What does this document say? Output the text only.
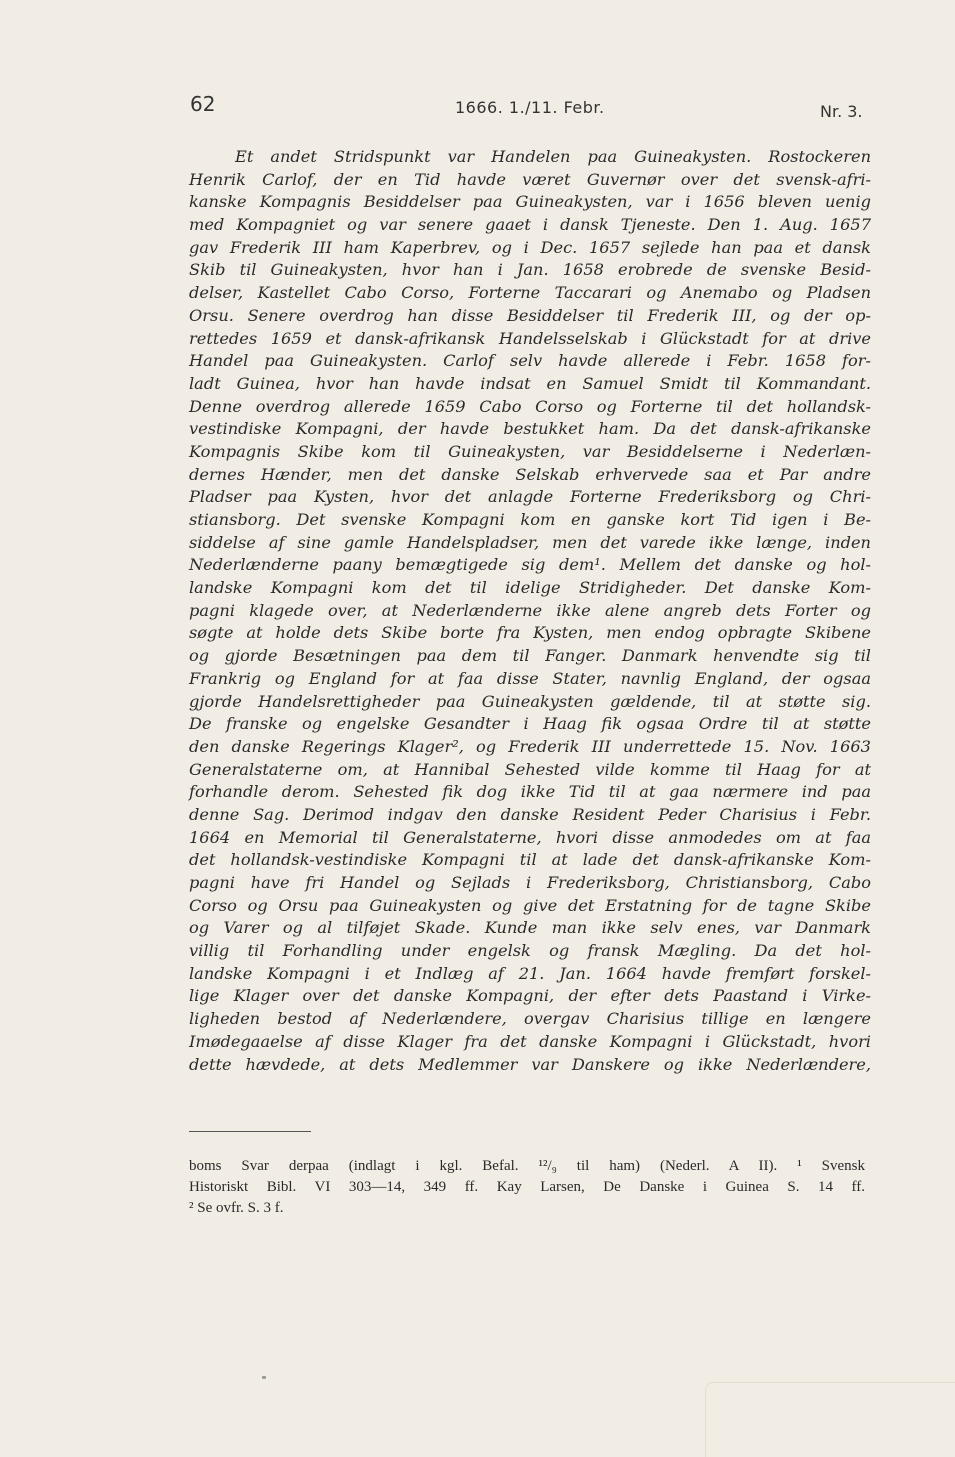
62	1666. 1./11. Febr.	Nr. 3.
Et andet Stridspunkt var Handelen paa Guineakysten. Rostockeren
Henrik Carlof, der en Tid havde været Guvernør over det svensk-afri-
kanske Kompagnis Besiddelser paa Guineakysten, var i 1656 bleven uenig
med Kompagniet og var senere gaaet i dansk Tjeneste. Den 1. Aug. 1657
gav Frederik III ham Kaperbrev, og i Dec. 1657 sejlede han paa et dansk
Skib til Guineakysten, hvor han i Jan. 1658 erobrede de svenske Besid-
delser, Kastellet Cabo Corso, Forterne Taccarari og Anemabo og Pladsen
Orsu. Senere overdrog han disse Besiddelser til Frederik III, og der op-
rettedes 1659 et dansk-afrikansk Handelsselskab i Glückstadt for at drive
Handel paa Guineakysten. Carlof selv havde allerede i Febr. 1658 for-
ladt Guinea, hvor han havde indsat en Samuel Smidt til Kommandant.
Denne overdrog allerede 1659 Cabo Corso og Forterne til det hollandsk-
vestindiske Kompagni, der havde bestukket ham. Da det dansk-afrikanske
Kompagnis Skibe kom til Guineakysten, var Besiddelserne i Nederlæn-
dernes Hænder, men det danske Selskab erhvervede saa et Par andre
Pladser paa Kysten, hvor det anlagde Forterne Frederiksborg og Chri-
stiansborg. Det svenske Kompagni kom en ganske kort Tid igen i Be-
siddelse af sine gamle Handelspladser, men det varede ikke længe, inden
Nederlænderne paany bemægtigede sig dem¹. Mellem det danske og hol-
landske Kompagni kom det til idelige Stridigheder. Det danske Kom-
pagni klagede over, at Nederlænderne ikke alene angreb dets Forter og
søgte at holde dets Skibe borte fra Kysten, men endog opbragte Skibene
og gjorde Besætningen paa dem til Fanger. Danmark henvendte sig til
Frankrig og England for at faa disse Stater, navnlig England, der ogsaa
gjorde Handelsrettigheder paa Guineakysten gældende, til at støtte sig.
De franske og engelske Gesandter i Haag fik ogsaa Ordre til at støtte
den danske Regerings Klager², og Frederik III underrettede 15. Nov. 1663
Generalstaterne om, at Hannibal Sehested vilde komme til Haag for at
forhandle derom. Sehested fik dog ikke Tid til at gaa nærmere ind paa
denne Sag. Derimod indgav den danske Resident Peder Charisius i Febr.
1664 en Memorial til Generalstaterne, hvori disse anmodedes om at faa
det hollandsk-vestindiske Kompagni til at lade det dansk-afrikanske Kom-
pagni have fri Handel og Sejlads i Frederiksborg, Christiansborg, Cabo
Corso og Orsu paa Guineakysten og give det Erstatning for de tagne Skibe
og Varer og al tilføjet Skade. Kunde man ikke selv enes, var Danmark
villig til Forhandling under engelsk og fransk Mægling. Da det hol-
landske Kompagni i et Indlæg af 21. Jan. 1664 havde fremført forskel-
lige Klager over det danske Kompagni, der efter dets Paastand i Virke-
ligheden bestod af Nederlændere, overgav Charisius tillige en længere
Imødegaaelse af disse Klager fra det danske Kompagni i Glückstadt, hvori
dette hævdede, at dets Medlemmer var Danskere og ikke Nederlændere,
boms Svar derpaa (indlagt i kgl. Befal. ¹²/₉ til ham) (Nederl. A II). ¹ Svensk
Historiskt Bibl. VI 303—14, 349 ff. Kay Larsen, De Danske i Guinea S. 14 ff.
² Se ovfr. S. 3 f.
